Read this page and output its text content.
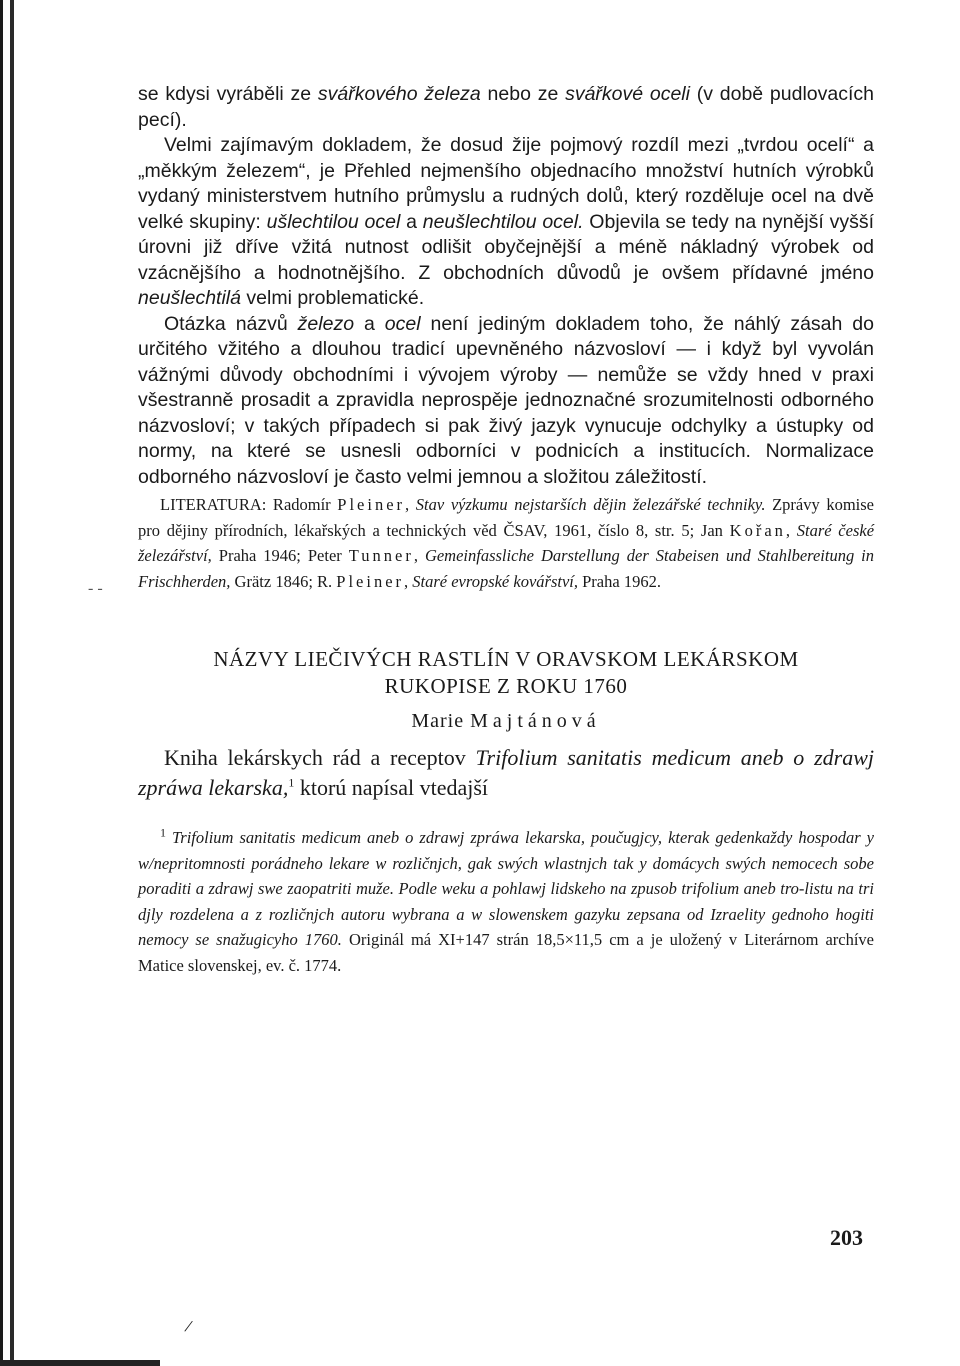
- -

se kdysi vyráběli ze svářkového železa nebo ze svářkové oceli (v době pudlovacích pecí).

Velmi zajímavým dokladem, že dosud žije pojmový rozdíl mezi „tvrdou ocelí“ a „měkkým železem“, je Přehled nejmenšího objednacího množství hutních výrobků vydaný ministerstvem hutního průmyslu a rudných dolů, který rozděluje ocel na dvě velké skupiny: ušlechtilou ocel a neušlechtilou ocel. Objevila se tedy na nynější vyšší úrovni již dříve vžitá nutnost odlišit obyčejnější a méně nákladný výrobek od vzácnějšího a hodnotnějšího. Z obchodních důvodů je ovšem přídavné jméno neušlechtilá velmi problematické.

Otázka názvů železo a ocel není jediným dokladem toho, že náhlý zásah do určitého vžitého a dlouhou tradicí upevněného názvosloví — i když byl vyvolán vážnými důvody obchodními i vývojem výroby — nemůže se vždy hned v praxi všestranně prosadit a zpravidla neprospěje jednoznačné srozumitelnosti odborného názvosloví; v takých případech si pak živý jazyk vynucuje odchylky a ústupky od normy, na které se usnesli odborníci v podnicích a institucích. Normalizace odborného názvosloví je často velmi jemnou a složitou záležitostí.

LITERATURA: Radomír Pleiner, Stav výzkumu nejstarších dějin železářské techniky. Zprávy komise pro dějiny přírodních, lékařských a technických věd ČSAV, 1961, číslo 8, str. 5; Jan Kořan, Staré české železářství, Praha 1946; Peter Tunner, Gemeinfassliche Darstellung der Stabeisen und Stahlbereitung in Frischherden, Grätz 1846; R. Pleiner, Staré evropské kovářství, Praha 1962.

NÁZVY LIEČIVÝCH RASTLÍN V ORAVSKOM LEKÁRSKOM
RUKOPISE Z ROKU 1760
Marie Majtánová

Kniha lekárskych rád a receptov Trifolium sanitatis medicum aneb o zdrawj zpráwa lekarska,$^1$ ktorú napísal vtedajší

$^1$ Trifolium sanitatis medicum aneb o zdrawj zpráwa lekarska, poučugjcy, kterak gedenkaždy hospodar y w/nepritomnosti porádneho lekare w rozličnjch, gak swých wlastnjch tak y domácych swých nemocech sobe poraditi a zdrawj swe zaopatriti muže. Podle weku a pohlawj lidskeho na zpusob trifolium aneb tro-listu na tri djly rozdelena a z rozličnjch autoru wybrana a w slowenskem gazyku zepsana od Izraelity gednoho hogiti nemocy se snažugicyho 1760. Originál má XI+147 strán 18,5×11,5 cm a je uložený v Literárnom archíve Matice slovenskej, ev. č. 1774.

203
/
